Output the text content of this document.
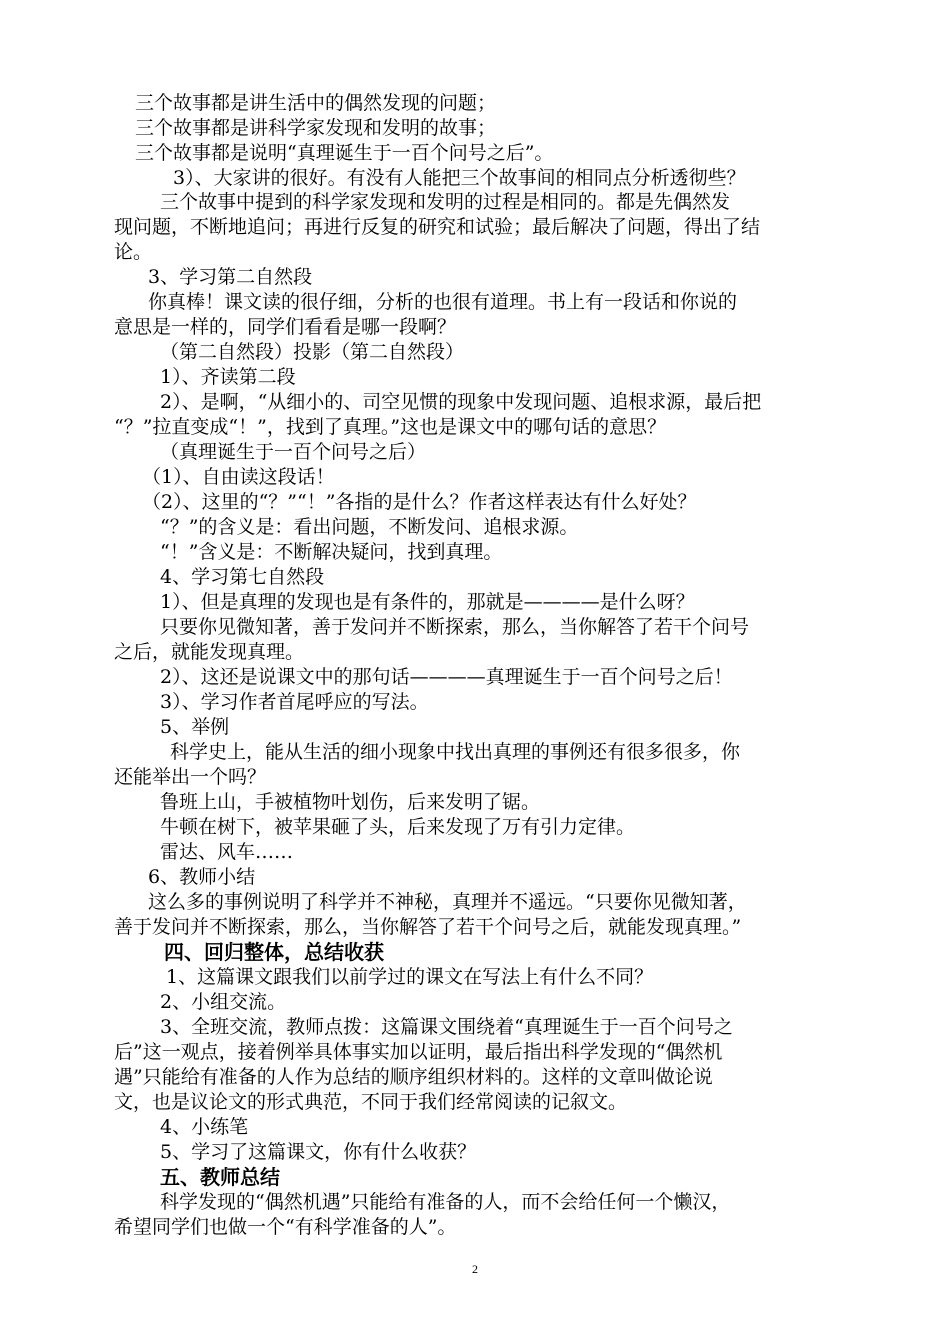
三个故事都是讲生活中的偶然发现的问题；
三个故事都是讲科学家发现和发明的故事；
三个故事都是说明“真理诞生于一百个问号之后”。
3）、大家讲的很好。有没有人能把三个故事间的相同点分析透彻些？
三个故事中提到的科学家发现和发明的过程是相同的。都是先偶然发
现问题，不断地追问；再进行反复的研究和试验；最后解决了问题，得出了结
论。
3、学习第二自然段
你真棒！课文读的很仔细，分析的也很有道理。书上有一段话和你说的
意思是一样的，同学们看看是哪一段啊？
（第二自然段）投影（第二自然段）
1）、齐读第二段
2）、是啊，“从细小的、司空见惯的现象中发现问题、追根求源，最后把
“？”拉直变成“！”，找到了真理。”这也是课文中的哪句话的意思？
（真理诞生于一百个问号之后）
（1）、自由读这段话！
（2）、这里的“？”“！”各指的是什么？作者这样表达有什么好处？
“？”的含义是：看出问题，不断发问、追根求源。
“！”含义是：不断解决疑问，找到真理。
4、学习第七自然段
1）、但是真理的发现也是有条件的，那就是————是什么呀？
只要你见微知著，善于发问并不断探索，那么，当你解答了若干个问号
之后，就能发现真理。
2）、这还是说课文中的那句话————真理诞生于一百个问号之后！
3）、学习作者首尾呼应的写法。
5、举例
科学史上，能从生活的细小现象中找出真理的事例还有很多很多，你
还能举出一个吗？
鲁班上山，手被植物叶划伤，后来发明了锯。
牛顿在树下，被苹果砸了头，后来发现了万有引力定律。
雷达、风车……
6、教师小结
这么多的事例说明了科学并不神秘，真理并不遥远。“只要你见微知著，
善于发问并不断探索，那么，当你解答了若干个问号之后，就能发现真理。”
四、回归整体，总结收获
1、这篇课文跟我们以前学过的课文在写法上有什么不同？
2、小组交流。
3、全班交流，教师点拨：这篇课文围绕着“真理诞生于一百个问号之
后”这一观点，接着例举具体事实加以证明，最后指出科学发现的“偶然机
遇”只能给有准备的人作为总结的顺序组织材料的。这样的文章叫做论说
文，也是议论文的形式典范，不同于我们经常阅读的记叙文。
4、小练笔
5、学习了这篇课文，你有什么收获？
五、教师总结
科学发现的“偶然机遇”只能给有准备的人，而不会给任何一个懒汉，
希望同学们也做一个“有科学准备的人”。
2
